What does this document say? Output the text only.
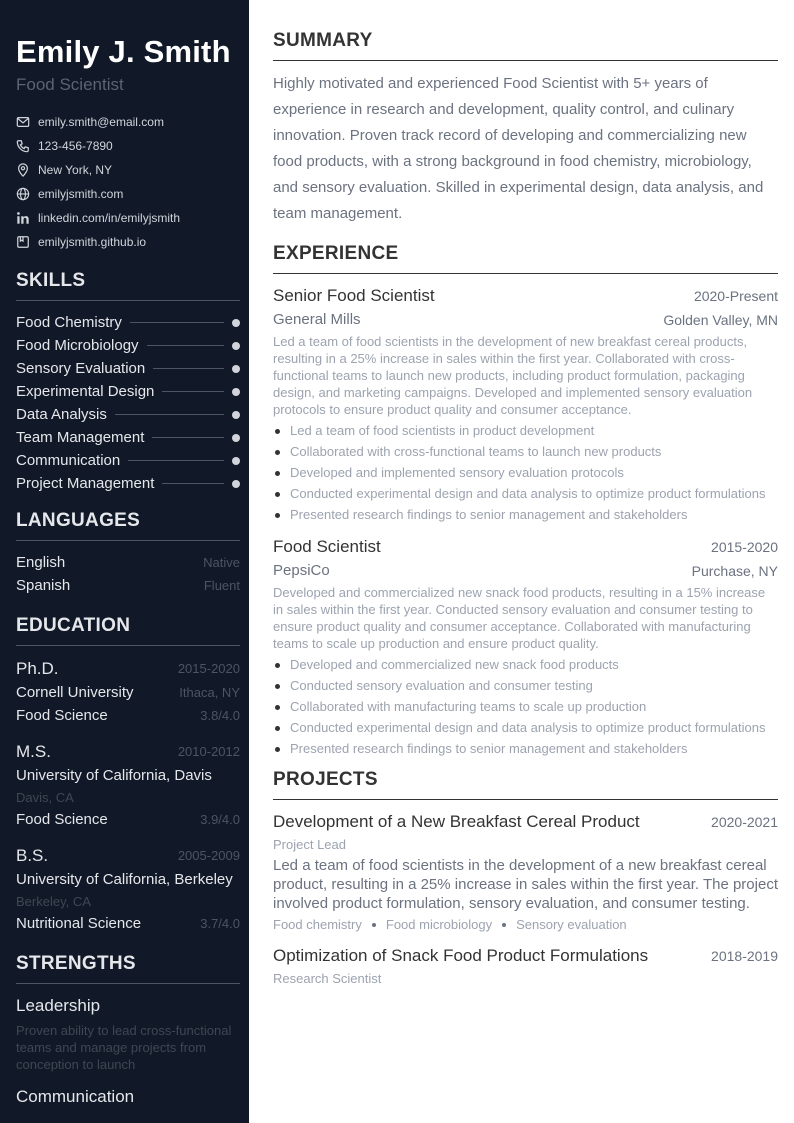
Emily J. Smith
Food Scientist
emily.smith@email.com
123-456-7890
New York, NY
emilyjsmith.com
linkedin.com/in/emilyjsmith
emilyjsmith.github.io
SKILLS
Food Chemistry
Food Microbiology
Sensory Evaluation
Experimental Design
Data Analysis
Team Management
Communication
Project Management
LANGUAGES
English	Native
Spanish	Fluent
EDUCATION
Ph.D.	2015-2020
Cornell University	Ithaca, NY
Food Science	3.8/4.0
M.S.	2010-2012
University of California, Davis
Davis, CA
Food Science	3.9/4.0
B.S.	2005-2009
University of California, Berkeley
Berkeley, CA
Nutritional Science	3.7/4.0
STRENGTHS
Leadership
Proven ability to lead cross-functional teams and manage projects from conception to launch
Communication
SUMMARY

Highly motivated and experienced Food Scientist with 5+ years of experience in research and development, quality control, and culinary innovation. Proven track record of developing and commercializing new food products, with a strong background in food chemistry, microbiology, and sensory evaluation. Skilled in experimental design, data analysis, and team management.

EXPERIENCE
Senior Food Scientist	2020-Present
General Mills	Golden Valley, MN

Led a team of food scientists in the development of new breakfast cereal products, resulting in a 25% increase in sales within the first year. Collaborated with cross-functional teams to launch new products, including product formulation, packaging design, and marketing campaigns. Developed and implemented sensory evaluation protocols to ensure product quality and consumer acceptance.

Led a team of food scientists in product development
Collaborated with cross-functional teams to launch new products
Developed and implemented sensory evaluation protocols
Conducted experimental design and data analysis to optimize product formulations
Presented research findings to senior management and stakeholders
Food Scientist	2015-2020
PepsiCo	Purchase, NY

Developed and commercialized new snack food products, resulting in a 15% increase in sales within the first year. Conducted sensory evaluation and consumer testing to ensure product quality and consumer acceptance. Collaborated with manufacturing teams to scale up production and ensure product quality.

Developed and commercialized new snack food products
Conducted sensory evaluation and consumer testing
Collaborated with manufacturing teams to scale up production
Conducted experimental design and data analysis to optimize product formulations
Presented research findings to senior management and stakeholders
PROJECTS
Development of a New Breakfast Cereal Product	2020-2021
Project Lead

Led a team of food scientists in the development of a new breakfast cereal product, resulting in a 25% increase in sales within the first year. The project involved product formulation, sensory evaluation, and consumer testing.

Food chemistry Food microbiology Sensory evaluation
Optimization of Snack Food Product Formulations	2018-2019
Research Scientist
